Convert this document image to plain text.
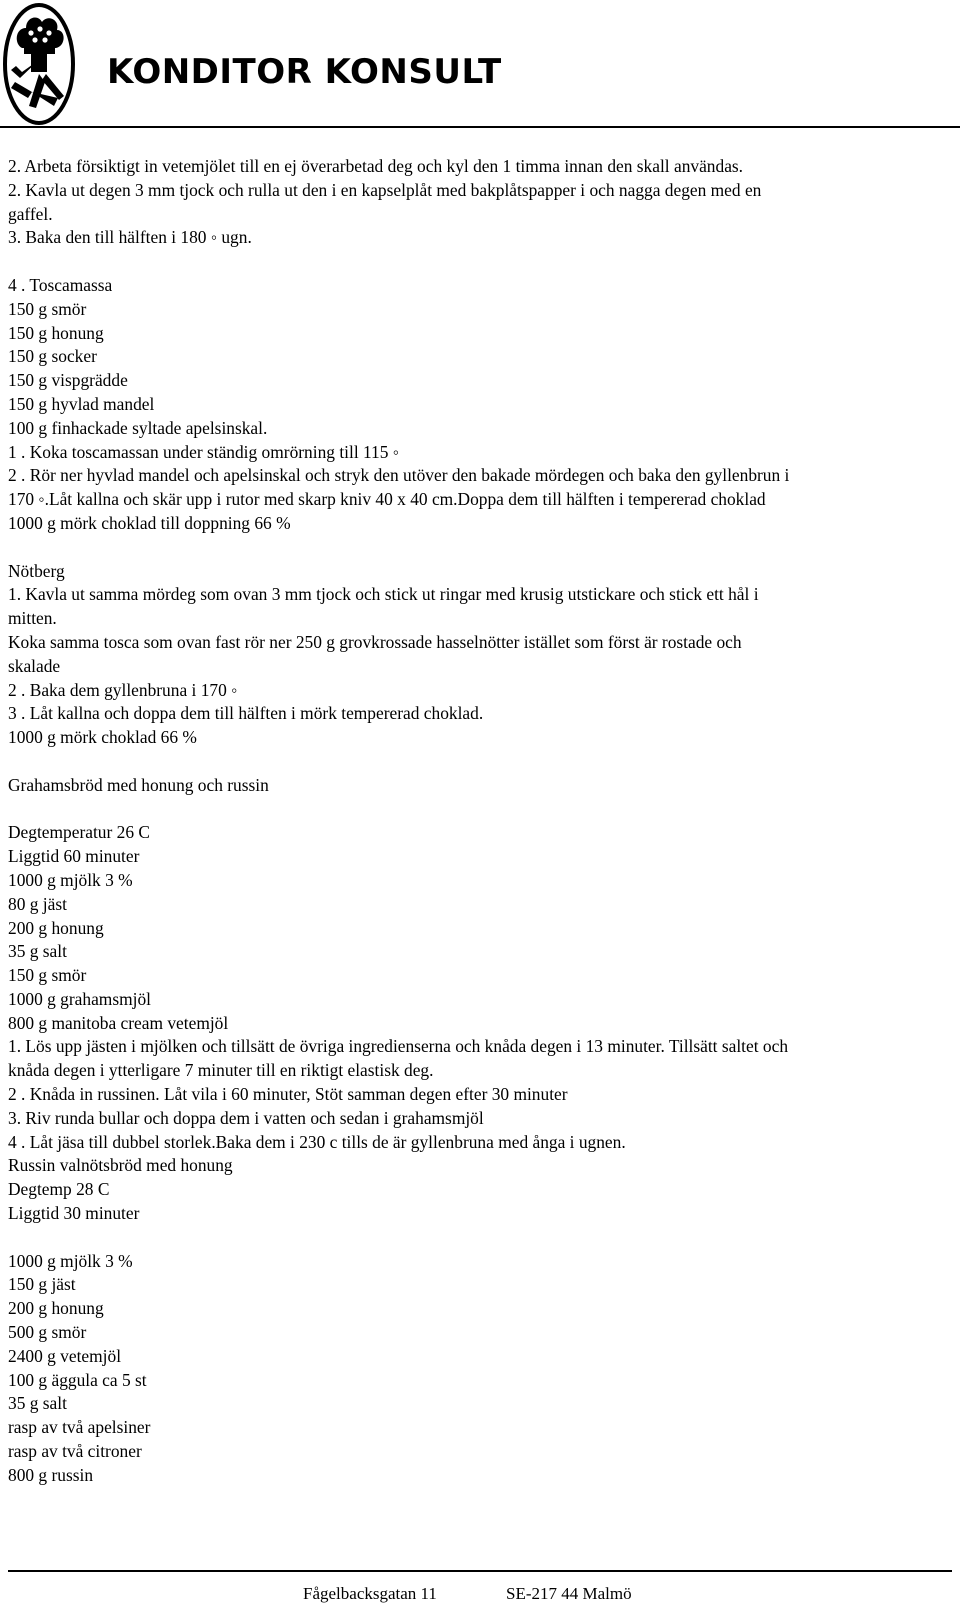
KONDITOR KONSULT

2. Arbeta försiktigt in vetemjölet till en ej överarbetad deg och kyl den 1 timma innan den skall användas.

2. Kavla ut degen 3 mm tjock och rulla ut den i en kapselplåt med bakplåtspapper i och nagga degen med en

gaffel.

3. Baka den till hälften i 180 ◦ ugn.

4 . Toscamassa

150 g smör

150 g honung

150 g socker

150 g vispgrädde

150 g hyvlad mandel

100 g finhackade syltade apelsinskal.

1 . Koka toscamassan under ständig omrörning till 115 ◦

2 . Rör ner hyvlad mandel och apelsinskal och stryk den utöver den bakade mördegen och baka den gyllenbrun i

170 ◦.Låt kallna och skär upp i rutor med skarp kniv 40 x 40 cm.Doppa dem till hälften i tempererad choklad

1000 g mörk choklad till doppning 66 %

Nötberg

1. Kavla ut samma mördeg som ovan 3 mm tjock och stick ut ringar med krusig utstickare och stick ett hål i

mitten.

Koka samma tosca som ovan fast rör ner 250 g grovkrossade hasselnötter istället som först är rostade och

skalade

2 . Baka dem gyllenbruna i 170 ◦

3 . Låt kallna och doppa dem till hälften i mörk tempererad choklad.

1000 g mörk choklad 66 %

Grahamsbröd med honung och russin

Degtemperatur 26 C

Liggtid 60 minuter

1000 g mjölk 3 %

80 g jäst

200 g honung

35 g salt

150 g smör

1000 g grahamsmjöl

800 g manitoba cream vetemjöl

1. Lös upp jästen i mjölken och tillsätt de övriga ingredienserna och knåda degen i 13 minuter. Tillsätt saltet och

knåda degen i ytterligare 7 minuter till en riktigt elastisk deg.

2 . Knåda in russinen. Låt vila i 60 minuter, Stöt samman degen efter 30 minuter

3. Riv runda bullar och doppa dem i vatten och sedan i grahamsmjöl

4 . Låt jäsa till dubbel storlek.Baka dem i 230 c tills de är gyllenbruna med ånga i ugnen.

Russin valnötsbröd med honung

Degtemp 28 C

Liggtid 30 minuter

1000 g mjölk 3 %

150 g jäst

200 g honung

500 g smör

2400 g vetemjöl

100 g äggula ca 5 st

35 g salt

rasp av två apelsiner

rasp av två citroner

800 g russin

Fågelbacksgatan 11	SE-217 44 Malmö
